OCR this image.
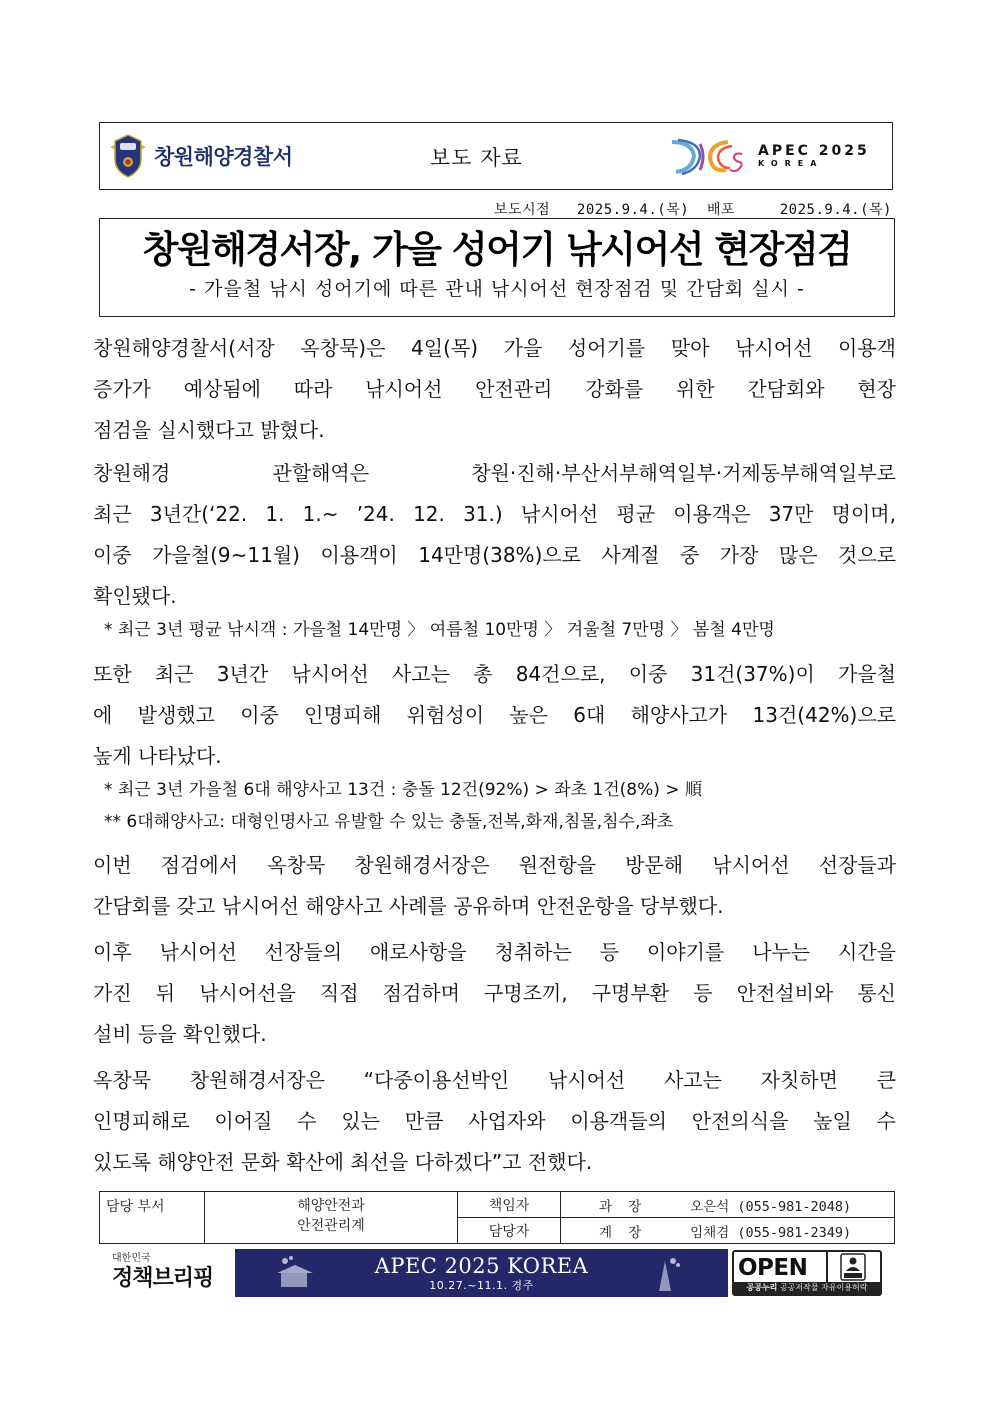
창원해양경찰서	보도 자료	APEC 2025
KOREA
보도시점 2025.9.4.(목) 배포	2025.9.4.(목)
창원해경서장, 가을 성어기 낚시어선 현장점검
- 가을철 낚시 성어기에 따른 관내 낚시어선 현장점검 및 간담회 실시 -
창원해양경찰서(서장 옥창묵)은 4일(목) 가을 성어기를 맞아 낚시어선 이용객
증가가 예상됨에 따라 낚시어선 안전관리 강화를 위한 간담회와 현장
점검을 실시했다고 밝혔다.
창원해경 관할해역은 창원·진해·부산서부해역일부·거제동부해역일부로
최근 3년간(‘22. 1. 1.~ ’24. 12. 31.) 낚시어선 평균 이용객은 37만 명이며,
이중 가을철(9~11월) 이용객이 14만명(38%)으로 사계절 중 가장 많은 것으로
확인됐다.
* 최근 3년 평균 낚시객 : 가을철 14만명 〉 여름철 10만명 〉 겨울철 7만명 〉 봄철 4만명
또한 최근 3년간 낚시어선 사고는 총 84건으로, 이중 31건(37%)이 가을철
에 발생했고 이중 인명피해 위험성이 높은 6대 해양사고가 13건(42%)으로
높게 나타났다.
* 최근 3년 가을철 6대 해양사고 13건 : 충돌 12건(92%) > 좌초 1건(8%) > 順
** 6대해양사고: 대형인명사고 유발할 수 있는 충돌,전복,화재,침몰,침수,좌초
이번 점검에서 옥창묵 창원해경서장은 원전항을 방문해 낚시어선 선장들과
간담회를 갖고 낚시어선 해양사고 사례를 공유하며 안전운항을 당부했다.
이후 낚시어선 선장들의 애로사항을 청취하는 등 이야기를 나누는 시간을
가진 뒤 낚시어선을 직접 점검하며 구명조끼, 구명부환 등 안전설비와 통신
설비 등을 확인했다.
옥창묵 창원해경서장은 “다중이용선박인 낚시어선 사고는 자칫하면 큰
인명피해로 이어질 수 있는 만큼 사업자와 이용객들의 안전의식을 높일 수
있도록 해양안전 문화 확산에 최선을 다하겠다”고 전했다.
담당 부서	해양안전과
안전관리계	책임자	과  장 오은석 (055-981-2048)
		담당자	계  장 임채겸 (055-981-2349)
대한민국
정책브리핑	APEC 2025 KOREA
10.27.~11.1. 경주
OPEN
공공누리 공공저작물 자유이용허락
